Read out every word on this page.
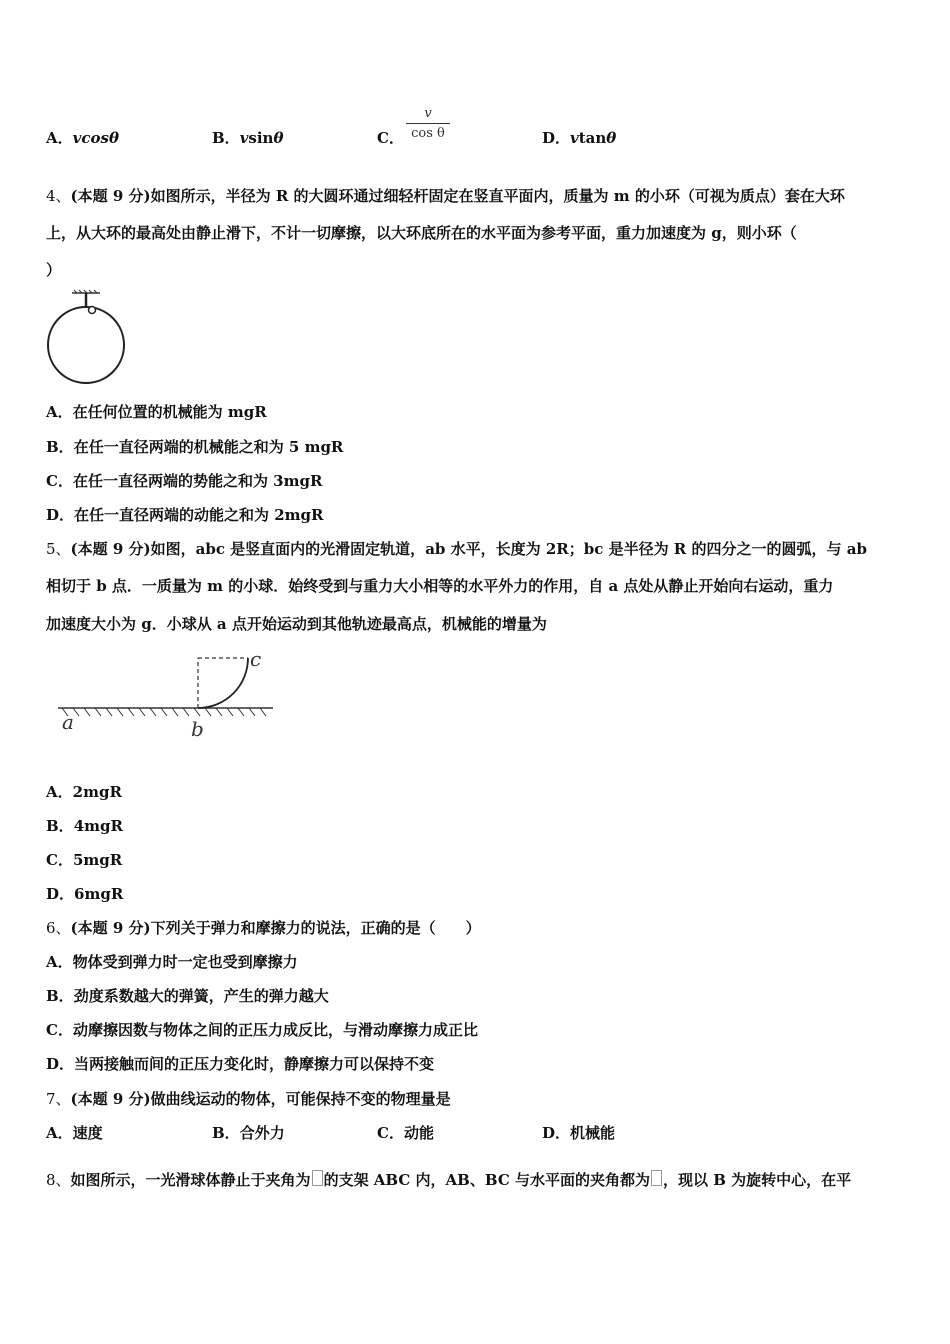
A．vcosθ	B．vsinθ	C．
v
cos θ	D．vtanθ
4、(本题 9 分)如图所示，半径为 R 的大圆环通过细轻杆固定在竖直平面内，质量为 m 的小环（可视为质点）套在大环
上，从大环的最高处由静止滑下，不计一切摩擦，以大环底所在的水平面为参考平面，重力加速度为 g，则小环（
）
A．在任何位置的机械能为 mgR
B．在任一直径两端的机械能之和为 5 mgR
C．在任一直径两端的势能之和为 3mgR
D．在任一直径两端的动能之和为 2mgR
5、(本题 9 分)如图，abc 是竖直面内的光滑固定轨道，ab 水平，长度为 2R；bc 是半径为 R 的四分之一的圆弧，与 ab
相切于 b 点．一质量为 m 的小球．始终受到与重力大小相等的水平外力的作用，自 a 点处从静止开始向右运动，重力
加速度大小为 g．小球从 a 点开始运动到其他轨迹最高点，机械能的增量为
a	b
c
A．2mgR
B．4mgR
C．5mgR
D．6mgR
6、(本题 9 分)下列关于弹力和摩擦力的说法，正确的是（　　）
A．物体受到弹力时一定也受到摩擦力
B．劲度系数越大的弹簧，产生的弹力越大
C．动摩擦因数与物体之间的正压力成反比，与滑动摩擦力成正比
D．当两接触而间的正压力变化时，静摩擦力可以保持不变
7、(本题 9 分)做曲线运动的物体，可能保持不变的物理量是
A．速度	B．合外力	C．动能	D．机械能
8、如图所示，一光滑球体静止于夹角为 的支架 ABC 内，AB、BC 与水平面的夹角都为 ，现以 B 为旋转中心，在平
